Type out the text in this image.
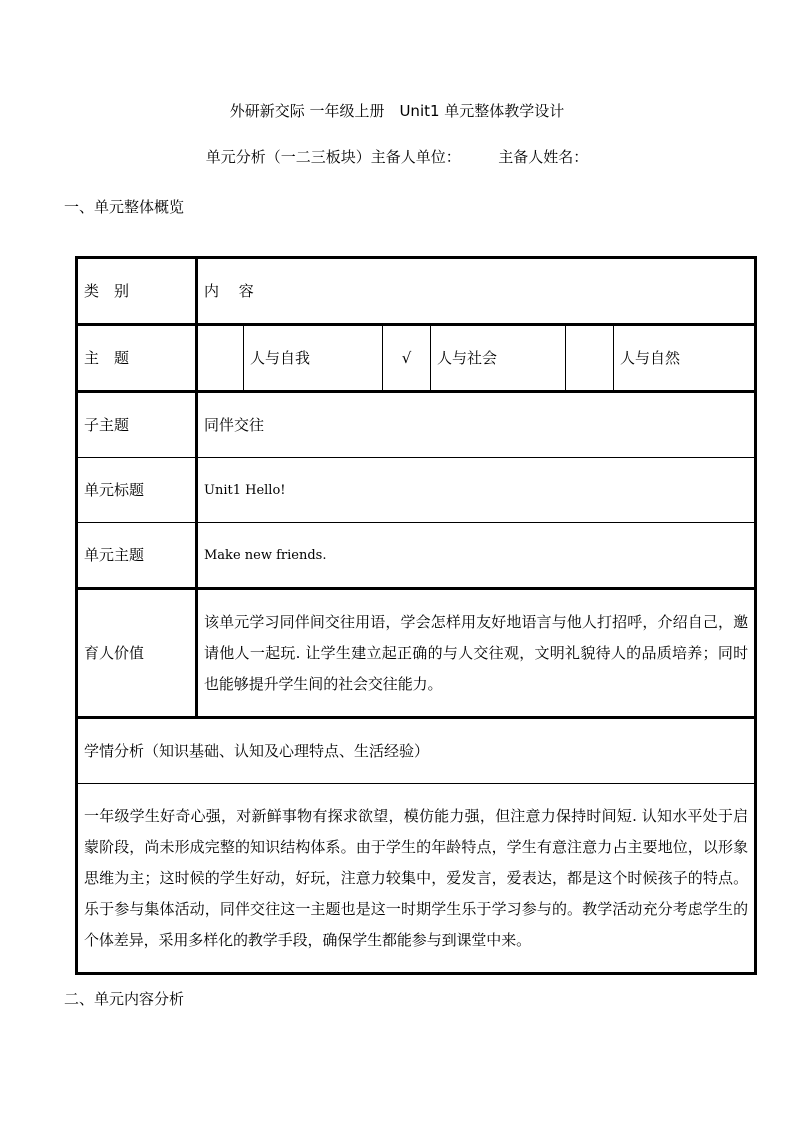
外研新交际 一年级上册　Unit1 单元整体教学设计
单元分析（一二三板块）主备人单位：　　　主备人姓名：
一、单元整体概览
类　别	内　 容					
主　题		人与自我	√	人与社会		人与自然
子主题	同伴交往					
单元标题	Unit1 Hello!					
单元主题	Make new friends.					
育人价值	该单元学习同伴间交往用语，学会怎样用友好地语言与他人打招呼，介绍自己，邀请他人一起玩. 让学生建立起正确的与人交往观，文明礼貌待人的品质培养；同时也能够提升学生间的社会交往能力。					

学情分析（知识基础、认知及心理特点、生活经验）						

一年级学生好奇心强，对新鲜事物有探求欲望，模仿能力强，但注意力保持时间短. 认知水平处于启蒙阶段，尚未形成完整的知识结构体系。由于学生的年龄特点，学生有意注意力占主要地位，以形象思维为主；这时候的学生好动，好玩，注意力较集中，爱发言，爱表达，都是这个时候孩子的特点。乐于参与集体活动，同伴交往这一主题也是这一时期学生乐于学习参与的。教学活动充分考虑学生的个体差异，采用多样化的教学手段，确保学生都能参与到课堂中来。						
二、单元内容分析
